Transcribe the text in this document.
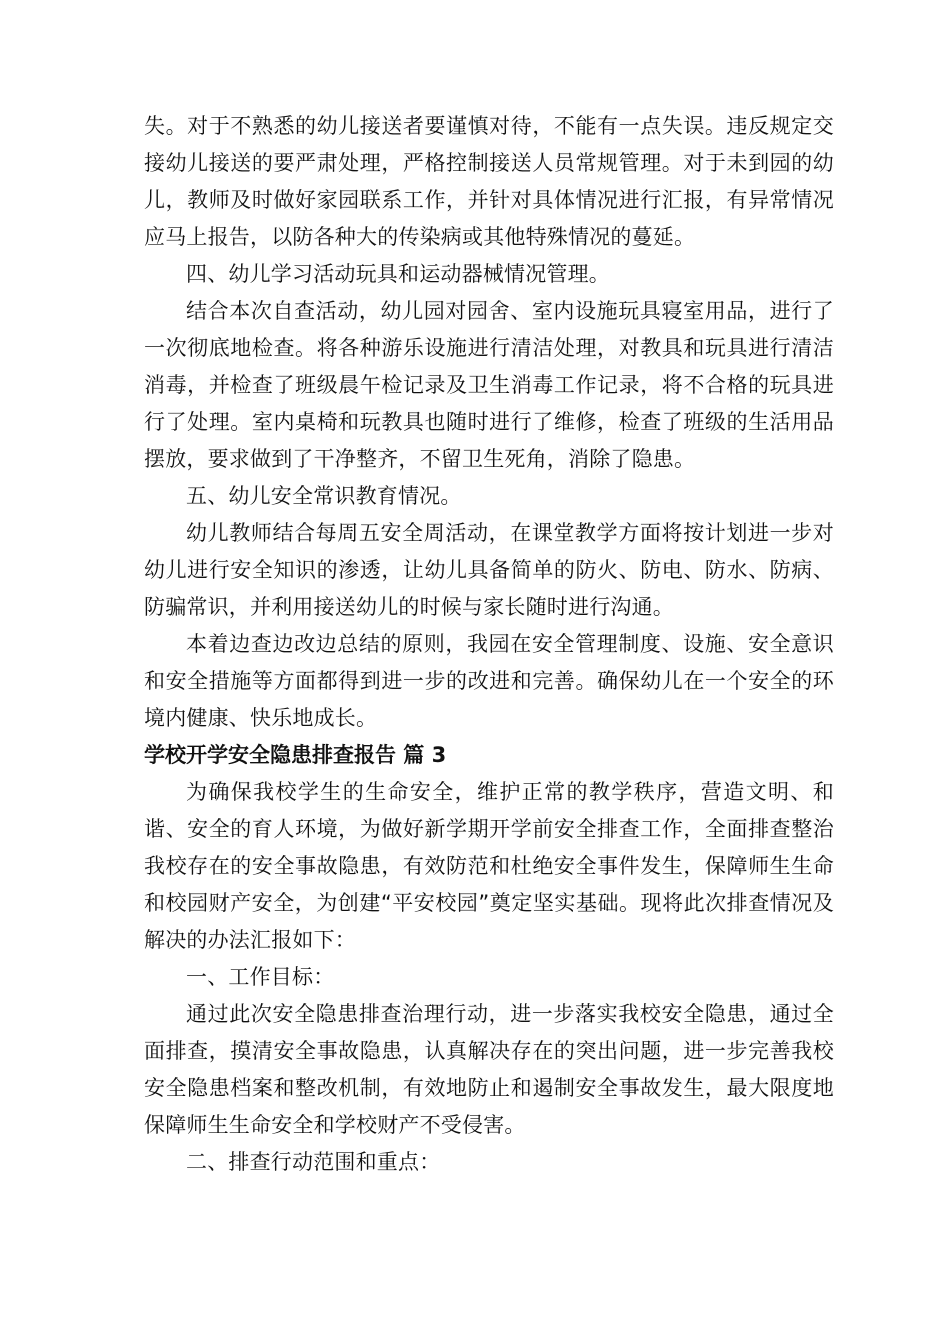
失。对于不熟悉的幼儿接送者要谨慎对待，不能有一点失误。违反规定交接幼儿接送的要严肃处理，严格控制接送人员常规管理。对于未到园的幼儿，教师及时做好家园联系工作，并针对具体情况进行汇报，有异常情况应马上报告，以防各种大的传染病或其他特殊情况的蔓延。

四、幼儿学习活动玩具和运动器械情况管理。

结合本次自查活动，幼儿园对园舍、室内设施玩具寝室用品，进行了一次彻底地检查。将各种游乐设施进行清洁处理，对教具和玩具进行清洁消毒，并检查了班级晨午检记录及卫生消毒工作记录，将不合格的玩具进行了处理。室内桌椅和玩教具也随时进行了维修，检查了班级的生活用品摆放，要求做到了干净整齐，不留卫生死角，消除了隐患。

五、幼儿安全常识教育情况。

幼儿教师结合每周五安全周活动，在课堂教学方面将按计划进一步对幼儿进行安全知识的渗透，让幼儿具备简单的防火、防电、防水、防病、防骗常识，并利用接送幼儿的时候与家长随时进行沟通。

本着边查边改边总结的原则，我园在安全管理制度、设施、安全意识和安全措施等方面都得到进一步的改进和完善。确保幼儿在一个安全的环境内健康、快乐地成长。

学校开学安全隐患排查报告 篇 3

为确保我校学生的生命安全，维护正常的教学秩序，营造文明、和谐、安全的育人环境，为做好新学期开学前安全排查工作，全面排查整治我校存在的安全事故隐患，有效防范和杜绝安全事件发生，保障师生生命和校园财产安全，为创建“平安校园”奠定坚实基础。现将此次排查情况及解决的办法汇报如下：

一、工作目标：

通过此次安全隐患排查治理行动，进一步落实我校安全隐患，通过全面排查，摸清安全事故隐患，认真解决存在的突出问题，进一步完善我校安全隐患档案和整改机制，有效地防止和遏制安全事故发生，最大限度地保障师生生命安全和学校财产不受侵害。

二、排查行动范围和重点：
